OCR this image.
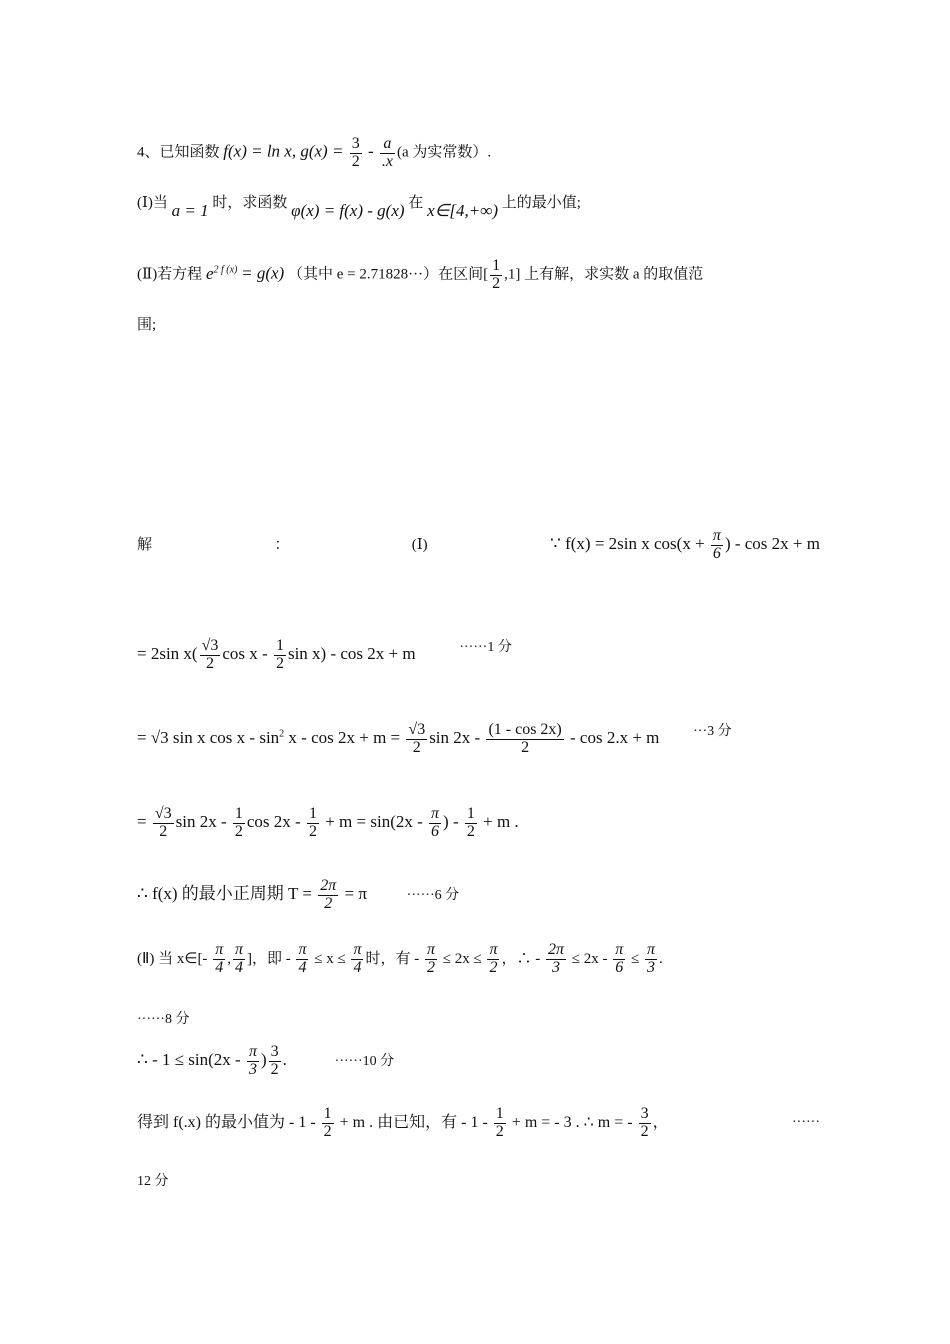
4、已知函数 f(x) = ln x, $g(x) = \frac{3}{2} - \frac{a}{.x} (a$ 为实常数）.
(Ⅰ)当 a = 1 时，求函数 φ(x) = f(x) - g(x) 在 x∈[4,+∞) 上的最小值;
(Ⅱ)若方程 $e^{2 f (x)} = g(x)$ （其中 e = 2.71828···）在区间[ $\frac{1}{2} ,1$] 上有解，求实数 a 的取值范
围;
解	：	(Ⅰ)	∵ f(x) = 2sin x $\cos(x + \frac{\pi}{6}$ ) - cos 2x + m
= 2sin $x( \frac{√3}{2}$ cos x - $\frac{1}{2}$ sin x) - cos 2x + m	······1 分
= √3 sin x $\cos x - \sin^2 x - \cos 2x + m = \frac{√3}{2}$ $\sin 2x - \frac{(1 - \cos 2x)}{2} - \cos 2.x + m \cdot\cdot\cdot 3$ 分
= $\frac{√3}{2}$ $\sin 2x - \frac{1}{2}$ $\cos 2x - \frac{1}{2} + m = \sin(2x - \frac{\pi}{6}$ ) - $\frac{1}{2} + m$ .
∴ f(x) 的最小正周期 $T = \frac{2\pi}{2} = \pi$	······6 分
(Ⅱ) 当 x∈[- $\frac{\pi}{4}$ , $\frac{\pi}{4}$ ]，即 - $\frac{\pi}{4} \le x \le \frac{\pi}{4}$ 时，有 - $\frac{\pi}{2} \le 2x \le \frac{\pi}{2}$ ，∴ - $\frac{2\pi}{3} \le 2x - \frac{\pi}{6} \le \frac{\pi}{3}$ .
······8 分
∴ - $1 \le \sin(2x - \frac{\pi}{3}$ ) $\frac{3}{2}$ .	······10 分
得到 f(.x) 的最小值为 - $1 - \frac{1}{2} + m$ . 由已知，有 - $1 - \frac{1}{2} + m$ = - 3 . ∴ m = - $\frac{3}{2}$ ，	······
12 分
